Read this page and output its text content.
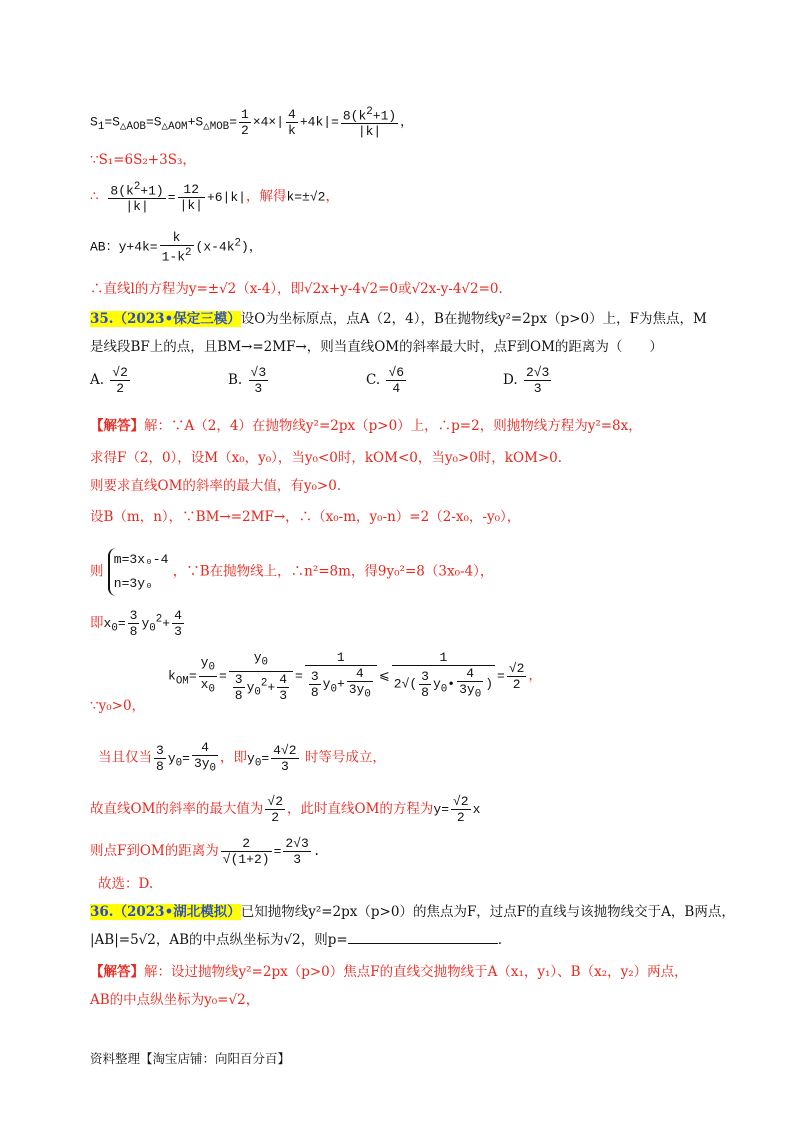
$S_1=S_{\triangle AOB}=S_{\triangle AOM}+S_{\triangle MOB}= \frac{1}{2} \times 4\times| \frac{4}{k} +4k|= \frac{8(k^2+1)}{|k|}$ ，
∵S₁=6S₂+3S₃，
∴ $\frac{8(k^2+1)}{|k|} = \frac{12}{|k|} +6|k|$，解得k=±√2，
AB：$y+4k= \frac{k}{1-k^2} (x-4k^2)$，
∴直线l的方程为y=±√2（x-4），即√2x+y-4√2=0或√2x-y-4√2=0.
35.（2023•保定三模）设O为坐标原点，点A（2，4），B在抛物线y²=2px（p>0）上，F为焦点，M
是线段BF上的点，且BM→=2MF→，则当直线OM的斜率最大时，点F到OM的距离为（　　）
A. $\frac{√2}{2}$	B. $\frac{√3}{3}$	C. $\frac{√6}{4}$	D. $\frac{2√3}{3}$
【解答】解：∵A（2，4）在抛物线y²=2px（p>0）上，∴p=2，则抛物线方程为y²=8x，
求得F（2，0），设M（x₀，y₀），当y₀<0时，kOM<0，当y₀>0时，kOM>0.
则要求直线OM的斜率的最大值，有y₀>0.
设B（m，n），∵BM→=2MF→，∴（x₀-m，y₀-n）=2（2-x₀，-y₀），
则
m=3x₀-4
n=3y₀
，∵B在抛物线上，∴n²=8m，得9y₀²=8（3x₀-4），
即$x_0= \frac{3}{8} y_0^2+ \frac{4}{3}$
$k_{OM}= \frac{y_0}{x_0} = \frac{y_0}{\frac{3}{8} y_0^2+ \frac{4}{3}} = \frac{1}{\frac{3}{8} y_0+ \frac{4}{3y_0}}$ ⩽ $\frac{1}{2√( \frac{3}{8} y_0• \frac{4}{3y_0} )} = \frac{√2}{2}$ ，
∵y₀>0，
当且仅当 $\frac{3}{8} y_0= \frac{4}{3y_0}$ ，即$y_0= \frac{4√2}{3}$ 时等号成立，
故直线OM的斜率的最大值为 $\frac{√2}{2}$ ，此时直线OM的方程为$y= \frac{√2}{2}$ x
则点F到OM的距离为 $\frac{2}{√(1+2)} = \frac{2√3}{3}$ .
故选：D.
36.（2023•湖北模拟）已知抛物线y²=2px（p>0）的焦点为F，过点F的直线与该抛物线交于A，B两点，
|AB|=5√2，AB的中点纵坐标为√2，则p=	.
【解答】解：设过抛物线y²=2px（p>0）焦点F的直线交抛物线于A（x₁，y₁）、B（x₂，y₂）两点，
AB的中点纵坐标为y₀=√2，
资料整理【淘宝店铺：向阳百分百】
